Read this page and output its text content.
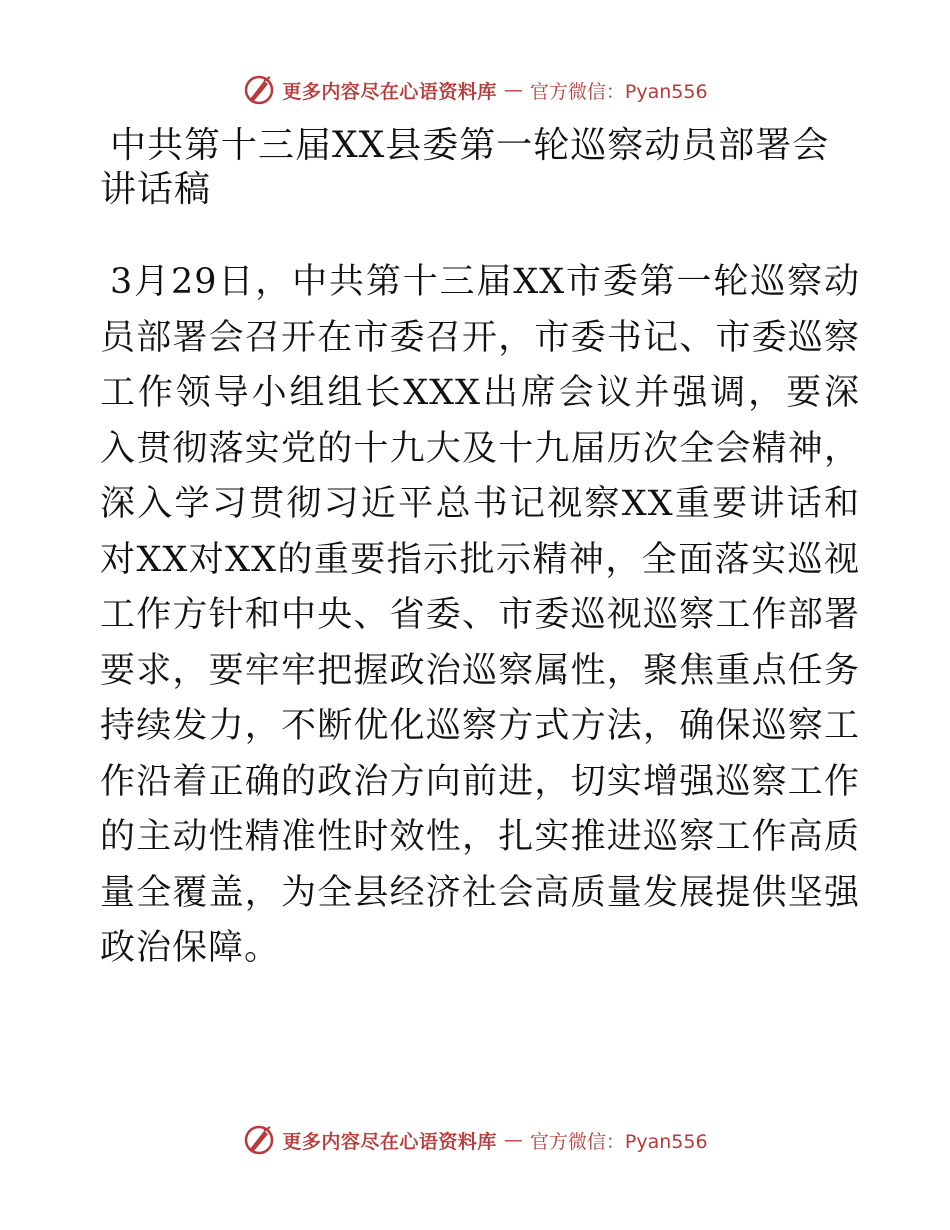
更多内容尽在心语资料库 — 官方微信：Pyan556
中共第十三届XX县委第一轮巡察动员部署会讲话稿

3月29日，中共第十三届XX市委第一轮巡察动员部署会召开在市委召开，市委书记、市委巡察工作领导小组组长XXX出席会议并强调，要深入贯彻落实党的十九大及十九届历次全会精神，深入学习贯彻习近平总书记视察XX重要讲话和对XX对XX的重要指示批示精神，全面落实巡视工作方针和中央、省委、市委巡视巡察工作部署要求，要牢牢把握政治巡察属性，聚焦重点任务持续发力，不断优化巡察方式方法，确保巡察工作沿着正确的政治方向前进，切实增强巡察工作的主动性精准性时效性，扎实推进巡察工作高质量全覆盖，为全县经济社会高质量发展提供坚强政治保障。

更多内容尽在心语资料库 — 官方微信：Pyan556
